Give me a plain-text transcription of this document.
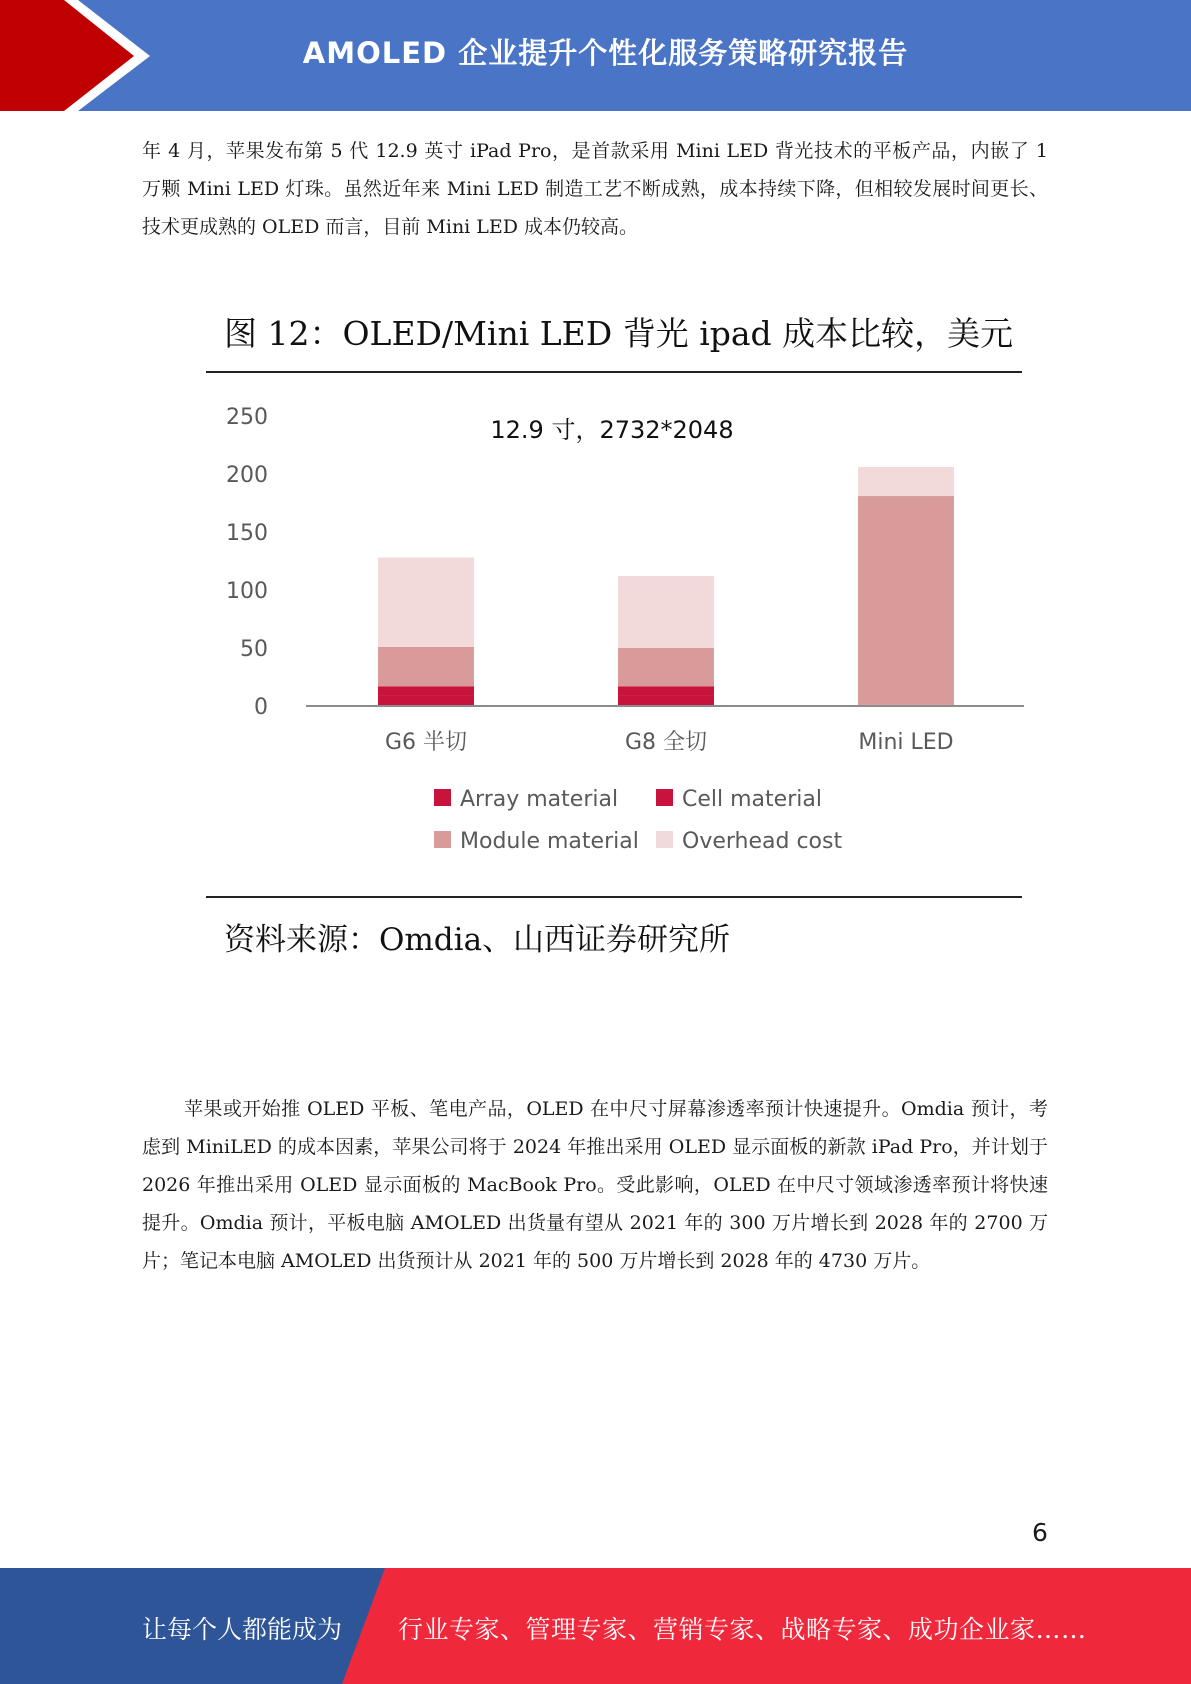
AMOLED 企业提升个性化服务策略研究报告

年 4 月，苹果发布第 5 代 12.9 英寸 iPad Pro，是首款采用 Mini LED 背光技术的平板产品，内嵌了 1 万颗 Mini LED 灯珠。虽然近年来 Mini LED 制造工艺不断成熟，成本持续下降，但相较发展时间更长、技术更成熟的 OLED 而言，目前 Mini LED 成本仍较高。

图 12：OLED/Mini LED 背光 ipad 成本比较，美元
12.9 寸，2732*2048
0
50
100
150
200
250
G6 半切	G8 全切	Mini LED
Array material	Cell material
Module material Overhead cost
资料来源：Omdia、山西证券研究所

苹果或开始推 OLED 平板、笔电产品，OLED 在中尺寸屏幕渗透率预计快速提升。Omdia 预计，考虑到 MiniLED 的成本因素，苹果公司将于 2024 年推出采用 OLED 显示面板的新款 iPad Pro，并计划于 2026 年推出采用 OLED 显示面板的 MacBook Pro。受此影响，OLED 在中尺寸领域渗透率预计将快速提升。Omdia 预计，平板电脑 AMOLED 出货量有望从 2021 年的 300 万片增长到 2028 年的 2700 万片；笔记本电脑 AMOLED 出货预计从 2021 年的 500 万片增长到 2028 年的 4730 万片。

6
让每个人都能成为 行业专家、管理专家、营销专家、战略专家、成功企业家……
